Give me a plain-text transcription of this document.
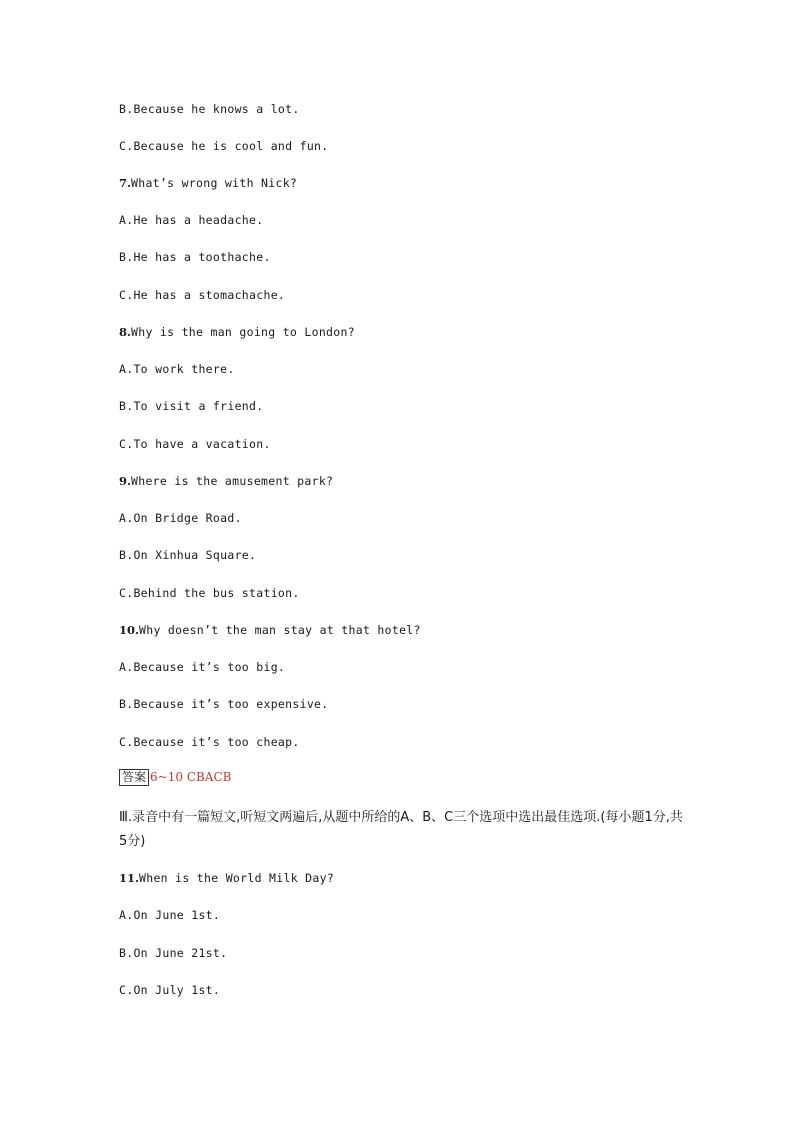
B.Because he knows a lot.
C.Because he is cool and fun.
7.What’s wrong with Nick?
A.He has a headache.
B.He has a toothache.
C.He has a stomachache.
8.Why is the man going to London?
A.To work there.
B.To visit a friend.
C.To have a vacation.
9.Where is the amusement park?
A.On Bridge Road.
B.On Xinhua Square.
C.Behind the bus station.
10.Why doesn’t the man stay at that hotel?
A.Because it’s too big.
B.Because it’s too expensive.
C.Because it’s too cheap.
答案 6~10 CBACB
Ⅲ.录音中有一篇短文,听短文两遍后,从题中所给的A、B、C三个选项中选出最佳选项.(每小题1分,共5分)
11.When is the World Milk Day?
A.On June 1st.
B.On June 21st.
C.On July 1st.
